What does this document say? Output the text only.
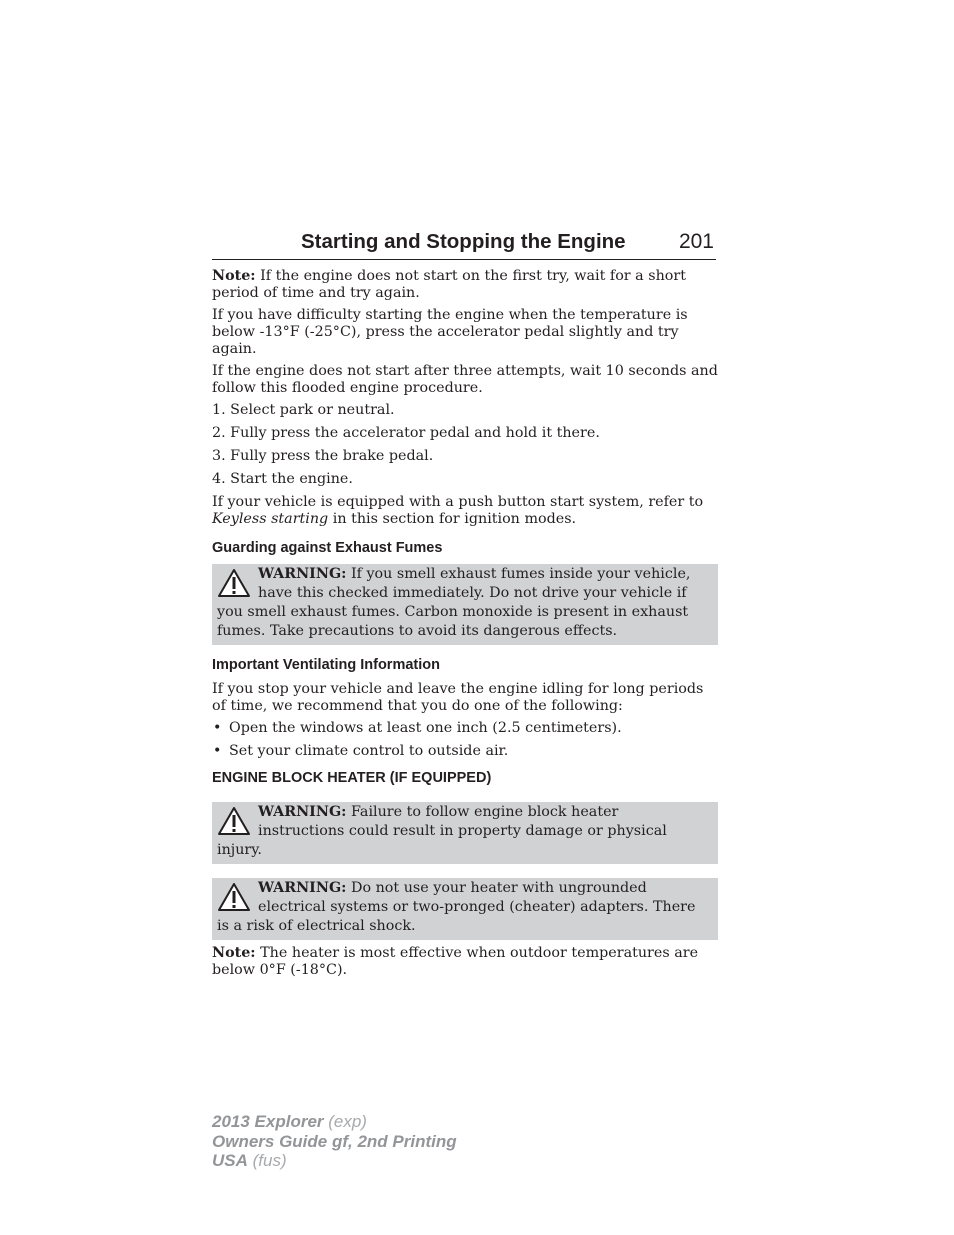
Starting and Stopping the Engine	201

Note: If the engine does not start on the first try, wait for a short period of time and try again.

If you have difficulty starting the engine when the temperature is below -13°F (-25°C), press the accelerator pedal slightly and try again.

If the engine does not start after three attempts, wait 10 seconds and follow this flooded engine procedure.

1. Select park or neutral.

2. Fully press the accelerator pedal and hold it there.

3. Fully press the brake pedal.

4. Start the engine.

If your vehicle is equipped with a push button start system, refer to Keyless starting in this section for ignition modes.

Guarding against Exhaust Fumes
WARNING: If you smell exhaust fumes inside your vehicle, have this checked immediately. Do not drive your vehicle if you smell exhaust fumes. Carbon monoxide is present in exhaust fumes. Take precautions to avoid its dangerous effects.
Important Ventilating Information

If you stop your vehicle and leave the engine idling for long periods of time, we recommend that you do one of the following:

• Open the windows at least one inch (2.5 centimeters).
• Set your climate control to outside air.
ENGINE BLOCK HEATER (IF EQUIPPED)
WARNING: Failure to follow engine block heater instructions could result in property damage or physical injury.
WARNING: Do not use your heater with ungrounded electrical systems or two-pronged (cheater) adapters. There is a risk of electrical shock.

Note: The heater is most effective when outdoor temperatures are below 0°F (-18°C).

2013 Explorer (exp)
Owners Guide gf, 2nd Printing
USA (fus)
